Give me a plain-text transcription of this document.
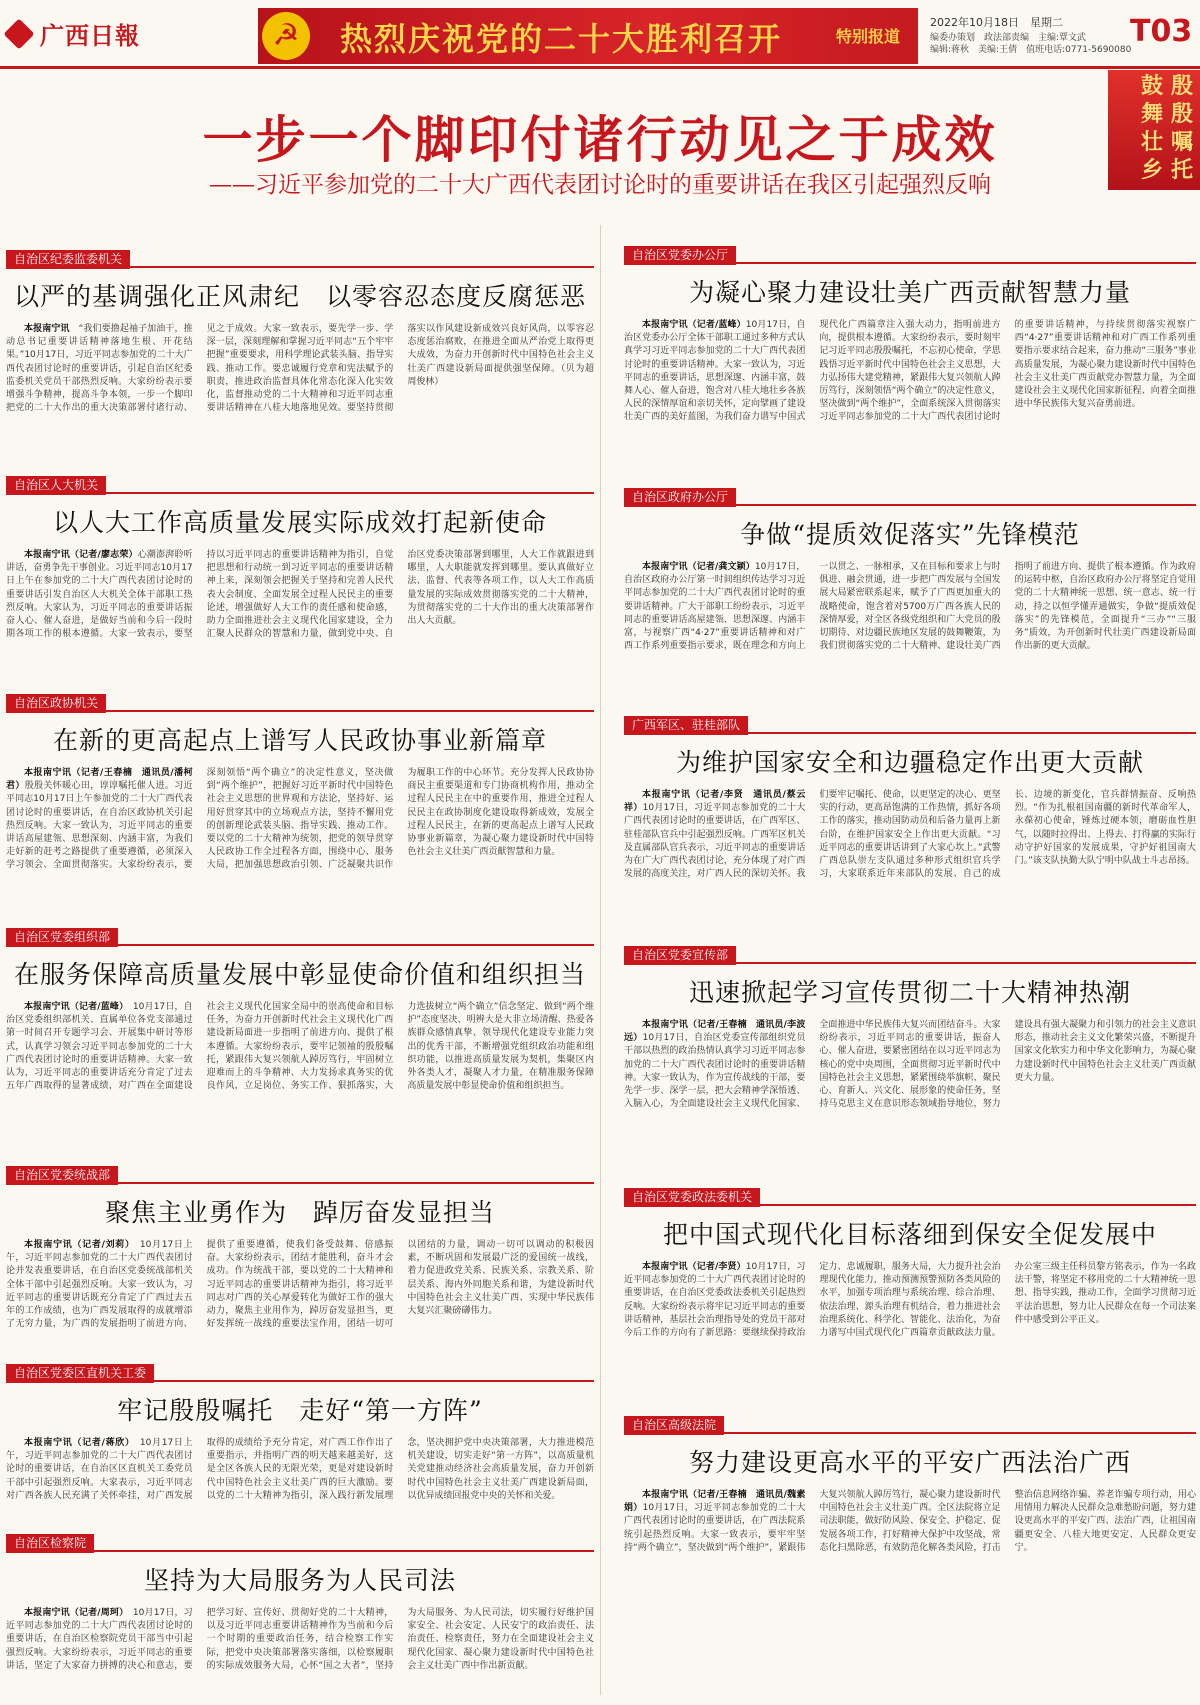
广西日報	☭	热烈庆祝党的二十大胜利召开	特别报道
2022年10月18日　星期二
编委办策划　政法部责编　主编:覃文武
编辑:蒋秋　美编:王倩　值班电话:0771-5690080
T03
殷殷嘱托
鼓舞壮乡
一步一个脚印付诸行动见之于成效
——习近平参加党的二十大广西代表团讨论时的重要讲话在我区引起强烈反响
自治区纪委监委机关
以严的基调强化正风肃纪　以零容忍态度反腐惩恶

本报南宁讯　 “我们要撸起袖子加油干，推动总书记重要讲话精神落地生根、开花结果。”10月17日，习近平同志参加党的二十大广西代表团讨论时的重要讲话，引起自治区纪委监委机关党员干部热烈反响。大家纷纷表示要增强斗争精神，提高斗争本领，一步一个脚印把党的二十大作出的重大决策部署付诸行动、见之于成效。大家一致表示，要先学一步、学深一层，深刻理解和掌握习近平同志“五个牢牢把握”重要要求，用科学理论武装头脑、指导实践、推动工作。要忠诚履行党章和宪法赋予的职责，推进政治监督具体化常态化深入化实效化，监督推动党的二十大精神和习近平同志重要讲话精神在八桂大地落地见效。要坚持贯彻落实以作风建设新成效兴良好风尚，以零容忍态度惩治腐败，在推进全面从严治党上取得更大成效，为奋力开创新时代中国特色社会主义壮美广西建设新局面提供强坚保障。（贝为超　周俊林）

自治区人大机关
以人大工作高质量发展实际成效打起新使命

本报南宁讯（记者/廖志荣）心潮澎湃聆听讲话，奋勇争先干事创业。习近平同志10月17日上午在参加党的二十大广西代表团讨论时的重要讲话引发自治区人大机关全体干部职工热烈反响。大家认为，习近平同志的重要讲话振奋人心、催人奋进，是做好当前和今后一段时期各项工作的根本遵循。大家一致表示，要坚持以习近平同志的重要讲话精神为指引，自觉把思想和行动统一到习近平同志的重要讲话精神上来，深刻领会把握关于坚持和完善人民代表大会制度、全面发展全过程人民民主的重要论述，增强做好人大工作的责任感和使命感，助力全面推进社会主义现代化国家建设，全力汇聚人民群众的智慧和力量，做到党中央、自治区党委决策部署到哪里，人大工作就跟进到哪里，人大职能就发挥到哪里。要认真做好立法、监督、代表等各项工作，以人大工作高质量发展的实际成效贯彻落实党的二十大精神，为贯彻落实党的二十大作出的重大决策部署作出人大贡献。

自治区政协机关
在新的更高起点上谱写人民政协事业新篇章

本报南宁讯（记者/王春楠　通讯员/潘柯君）殷殷关怀暖心田，谆谆嘱托催人进。习近平同志10月17日上午参加党的二十大广西代表团讨论时的重要讲话，在自治区政协机关引起热烈反响。大家一致认为，习近平同志的重要讲话高屋建瓴、思想深刻、内涵丰富，为我们走好新的赶考之路提供了重要遵循，必须深入学习领会、全面贯彻落实。大家纷纷表示，要深刻领悟“两个确立”的决定性意义，坚决做到“两个维护”，把握好习近平新时代中国特色社会主义思想的世界观和方法论，坚持好、运用好贯穿其中的立场观点方法，坚持不懈用党的创新理论武装头脑、指导实践、推动工作。要以党的二十大精神为统领，把党的领导贯穿人民政协工作全过程各方面，围绕中心、服务大局，把加强思想政治引领、广泛凝聚共识作为履职工作的中心环节。充分发挥人民政协协商民主重要渠道和专门协商机构作用，推动全过程人民民主在中的重要作用，推进全过程人民民主在政协制度化建设取得新成效，发展全过程人民民主，在新的更高起点上谱写人民政协事业新篇章，为凝心聚力建设新时代中国特色社会主义壮美广西贡献智慧和力量。

自治区党委组织部
在服务保障高质量发展中彰显使命价值和组织担当

本报南宁讯（记者/蓝峰）　 10月17日，自治区党委组织部机关、直属单位各党支部通过第一时间召开专题学习会、开展集中研讨等形式，认真学习领会习近平同志参加党的二十大广西代表团讨论时的重要讲话精神。大家一致认为，习近平同志的重要讲话充分肯定了过去五年广西取得的显著成绩，对广西在全面建设社会主义现代化国家全局中的崇高使命和目标任务，为奋力开创新时代社会主义现代化广西建设新局面进一步指明了前进方向、提供了根本遵循。大家纷纷表示，要牢记领袖的殷殷嘱托，紧跟伟大复兴领航人踔厉笃行，牢固树立迎难而上的斗争精神、大力发扬求真务实的优良作风，立足岗位、务实工作、狠抓落实，大力选拔树立“两个确立”信念坚定、做到“两个维护”态度坚决、明辨大是大非立场清醒、热爱各族群众感情真挚、领导现代化建设专业能力突出的优秀干部，不断增强党组织政治功能和组织功能，以推进高质量发展为契机，集聚区内外各类人才，凝聚人才力量，在精准服务保障高质量发展中彰显使命价值和组织担当。

自治区党委统战部
聚焦主业勇作为　踔厉奋发显担当

本报南宁讯（记者/刘莉）　 10月17日上午，习近平同志参加党的二十大广西代表团讨论并发表重要讲话，在自治区党委统战部机关全体干部中引起强烈反响。大家一致认为，习近平同志的重要讲话既充分肯定了广西过去五年的工作成绩，也为广西发展取得的成就增添了无穷力量，为广西的发展指明了前进方向、提供了重要遵循，使我们备受鼓舞、倍感振奋。大家纷纷表示，团结才能胜利，奋斗才会成功。作为统战干部，要以党的二十大精神和习近平同志的重要讲话精神为指引，将习近平同志对广西的关心厚爱转化为做好工作的强大动力，聚焦主业用作为，踔厉奋发显担当，更好发挥统一战线的重要法宝作用，团结一切可以团结的力量，调动一切可以调动的积极因素，不断巩固和发展最广泛的爱国统一战线，着力促进政党关系、民族关系、宗教关系、阶层关系、海内外同胞关系和谐，为建设新时代中国特色社会主义壮美广西、实现中华民族伟大复兴汇聚磅礴伟力。

自治区党委区直机关工委
牢记殷殷嘱托　走好“第一方阵”

本报南宁讯（记者/蒋欣）　 10月17日上午，习近平同志参加党的二十大广西代表团讨论时的重要讲话，在自治区区直机关工委党员干部中引起强烈反响。大家表示，习近平同志对广西各族人民充满了关怀牵挂，对广西发展取得的成绩给予充分肯定，对广西工作作出了重要指示，并指明广西的明天越来越美好，这是全区各族人民的无限光荣，更是对建设新时代中国特色社会主义壮美广西的巨大激励。要以党的二十大精神为指引，深入践行新发展理念，坚决拥护党中央决策部署，大力推进模范机关建设，切实走好“第一方阵”，以高质量机关党建推动经济社会高质量发展，奋力开创新时代中国特色社会主义壮美广西建设新局面，以优异成绩回报党中央的关怀和关爱。

自治区检察院
坚持为大局服务为人民司法

本报南宁讯（记者/周珂）　 10月17日，习近平同志参加党的二十大广西代表团讨论时的重要讲话，在自治区检察院党员干部当中引起强烈反响。大家纷纷表示，习近平同志的重要讲话，坚定了大家奋力拼搏的决心和意志，要把学习好、宣传好、贯彻好党的二十大精神，以及习近平同志重要讲话精神作为当前和今后一个时期的重要政治任务，结合检察工作实际，把党中央决策部署落实落细，以检察履职的实际成效服务大局，心怀“国之大者”，坚持为大局服务、为人民司法，切实履行好维护国家安全、社会安定、人民安宁的政治责任、法治责任、检察责任，努力在全面建设社会主义现代化国家、凝心聚力建设新时代中国特色社会主义壮美广西中作出新贡献。

自治区党委办公厅
为凝心聚力建设壮美广西贡献智慧力量

本报南宁讯（记者/蓝峰）10月17日，自治区党委办公厅全体干部职工通过多种方式认真学习习近平同志参加党的二十大广西代表团讨论时的重要讲话精神。大家一致认为，习近平同志的重要讲话，思想深邃、内涵丰富，鼓舞人心、催人奋进，饱含对八桂大地壮乡各族人民的深情厚谊和亲切关怀，定向擘画了建设壮美广西的美好蓝图，为我们奋力谱写中国式现代化广西篇章注入强大动力，指明前进方向，提供根本遵循。大家纷纷表示，要时刻牢记习近平同志殷殷嘱托，不忘初心使命，学思践悟习近平新时代中国特色社会主义思想，大力弘扬伟大建党精神，紧跟伟大复兴领航人踔厉笃行，深刻领悟“两个确立”的决定性意义，坚决做到“两个维护”，全面系统深入贯彻落实习近平同志参加党的二十大广西代表团讨论时的重要讲话精神，与持续贯彻落实视察广西“4·27”重要讲话精神和对广西工作系列重要指示要求结合起来，奋力推动“三服务”事业高质量发展，为凝心聚力建设新时代中国特色社会主义壮美广西贡献党办智慧力量，为全面建设社会主义现代化国家新征程、向着全面推进中华民族伟大复兴奋勇前进。

自治区政府办公厅
争做“提质效促落实”先锋模范

本报南宁讯（记者/龚文颖）10月17日，自治区政府办公厅第一时间组织传达学习习近平同志参加党的二十大广西代表团讨论时的重要讲话精神。广大干部职工纷纷表示，习近平同志的重要讲话高屋建瓴、思想深邃、内涵丰富，与视察广西“4·27”重要讲话精神和对广西工作系列重要指示要求，既在理念和方向上一以贯之、一脉相承，又在目标和要求上与时俱进、融会贯通，进一步把广西发展与全国发展大局紧密联系起来，赋予了广西更加重大的战略使命，饱含着对5700万广西各族人民的深情厚爱，对全区各级党组织和广大党员的殷切期待、对边疆民族地区发展的鼓舞鞭策，为我们贯彻落实党的二十大精神、建设壮美广西指明了前进方向、提供了根本遵循。作为政府的运转中枢，自治区政府办公厅将坚定自觉用党的二十大精神统一思想、统一意志、统一行动，持之以恒学懂弄通做实，争做“提质效促落实”的先锋模范，全面提升“三办”“三服务”质效，为开创新时代壮美广西建设新局面作出新的更大贡献。

广西军区、驻桂部队
为维护国家安全和边疆稳定作出更大贡献

本报南宁讯（记者/李贤　通讯员/蔡云祥）10月17日，习近平同志参加党的二十大广西代表团讨论时的重要讲话，在广西军区、驻桂部队官兵中引起强烈反响。广西军区机关及直属部队官兵表示，习近平同志的重要讲话为在广大广西代表团讨论，充分体现了对广西发展的高度关注，对广西人民的深切关怀。我们要牢记嘱托、使命，以更坚定的决心、更坚实的行动，更高昂饱满的工作热情，抓好各项工作的落实，推动国防动员和后备力量再上新台阶，在维护国家安全上作出更大贡献。“习近平同志的重要讲话讲到了大家心坎上。”武警广西总队崇左支队通过多种形式组织官兵学习，大家联系近年来部队的发展、自己的成长、边境的新变化，官兵群情振奋、反响热烈。“作为扎根祖国南疆的新时代革命军人，永葆初心使命，锤炼过硬本领，磨砺血性胆气，以随时拉得出、上得去、打得赢的实际行动守护好国家的发展成果，守护好祖国南大门。”该支队执勤大队宁明中队战士斗志昂扬。

自治区党委宣传部
迅速掀起学习宣传贯彻二十大精神热潮

本报南宁讯（记者/王春楠　通讯员/李波远）10月17日，自治区党委宣传部组织党员干部以热烈的政治热情认真学习习近平同志参加党的二十大广西代表团讨论时的重要讲话精神。大家一致认为，作为宣传战线的干部，要先学一步、深学一层，把大会精神学深悟透、入脑入心，为全面建设社会主义现代化国家、全面推进中华民族伟大复兴而团结奋斗。大家纷纷表示，习近平同志的重要讲话，振奋人心、催人奋进，要紧密团结在以习近平同志为核心的党中央周围，全面贯彻习近平新时代中国特色社会主义思想，紧紧围绕举旗帜、聚民心、育新人、兴文化、展形象的使命任务，坚持马克思主义在意识形态领域指导地位，努力建设具有强大凝聚力和引领力的社会主义意识形态，推动社会主义文化繁荣兴盛，不断提升国家文化软实力和中华文化影响力，为凝心聚力建设新时代中国特色社会主义壮美广西贡献更大力量。

自治区党委政法委机关
把中国式现代化目标落细到保安全促发展中

本报南宁讯（记者/李贤）10月17日，习近平同志参加党的二十大广西代表团讨论时的重要讲话，在自治区党委政法委机关引起热烈反响。大家纷纷表示将牢记习近平同志的重要讲话精神，基层社会治理指导处的党员干部对今后工作的方向有了新思路：要继续保持政治定力、忠诚履职，服务大局，大力提升社会治理现代化能力，推动预测预警预防各类风险的水平，加强专项治理与系统治理、综合治理、依法治理、源头治理有机结合，着力推进社会治理系统化、科学化、智能化、法治化，为奋力谱写中国式现代化广西篇章贡献政法力量。办公室三级主任科员黎方铭表示，作为一名政法干警，将坚定不移用党的二十大精神统一思想、指导实践，推动工作，全面学习贯彻习近平法治思想，努力让人民群众在每一个司法案件中感受到公平正义。

自治区高级法院
努力建设更高水平的平安广西法治广西

本报南宁讯（记者/王春楠　通讯员/魏素娟）10月17日，习近平同志参加党的二十大广西代表团讨论时的重要讲话，在广西法院系统引起热烈反响。大家一致表示，要牢牢坚持“两个确立”，坚决做到“两个维护”，紧跟伟大复兴领航人踔厉笃行，凝心聚力建设新时代中国特色社会主义壮美广西。全区法院将立足司法职能，做好防风险、保安全、护稳定、促发展各项工作，打好精神大保护中攻坚战，常态化扫黑除恶，有效防范化解各类风险，打击整治信息网络诈骗、养老诈骗专项行动，用心用情用力解决人民群众急难愁盼问题，努力建设更高水平的平安广西、法治广西，让祖国南疆更安全、八桂大地更安定、人民群众更安宁。
